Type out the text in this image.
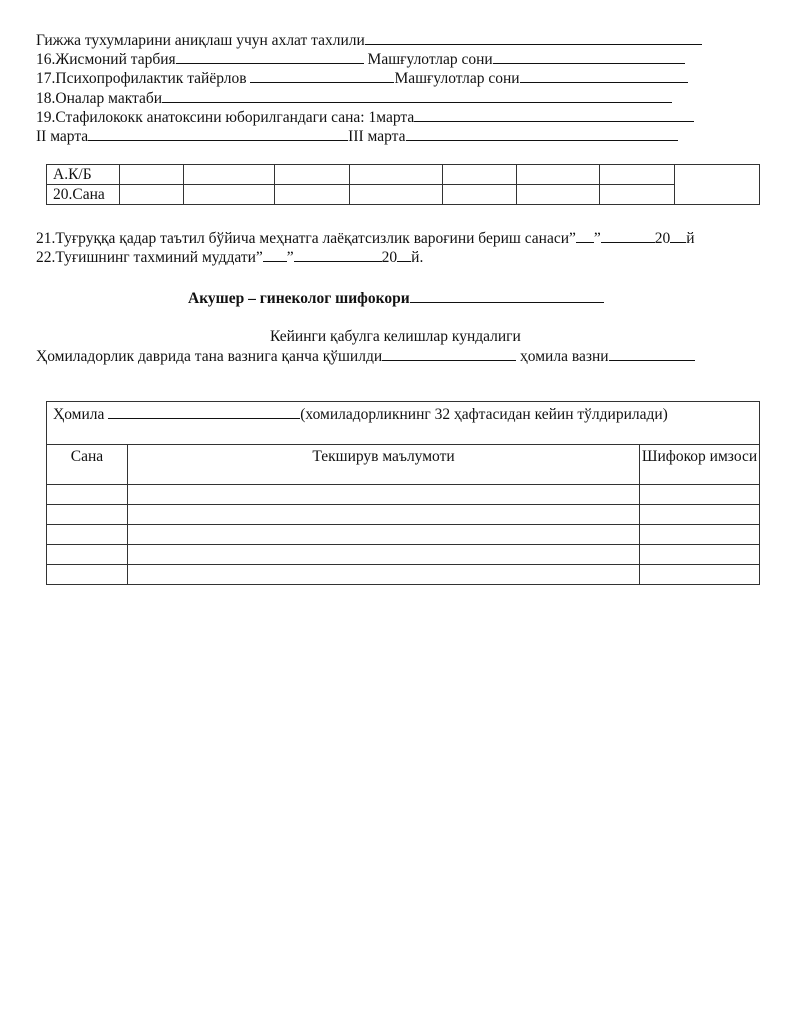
Гижжа тухумларини аниқлаш учун ахлат тахлили
16.Жисмоний тарбия	Машғулотлар сони
17.Психопрофилактик тайёрлов	Машғулотлар сони
18.Оналар мактаби
19.Стафилококк анатоксини юборилгандаги сана: 1марта
II марта	III марта
А.К/Б								
20.Сана								
21.Туғруққа қадар таътил бўйича меҳнатга лаёқатсизлик вароғини бериш санаси” ”	20 й
22.Туғишнинг тахминий муддати” ”	20 й.
Акушер – гинеколог шифокори
Кейинги қабулга келишлар кундалиги
Ҳомиладорлик даврида тана вазнига қанча қўшилди	ҳомила вазни
Ҳомила (хомиладорликнинг 32 ҳафтасидан кейин тўлдирилади)		
Сана	Текширув маълумоти	Шифокор имзоси
